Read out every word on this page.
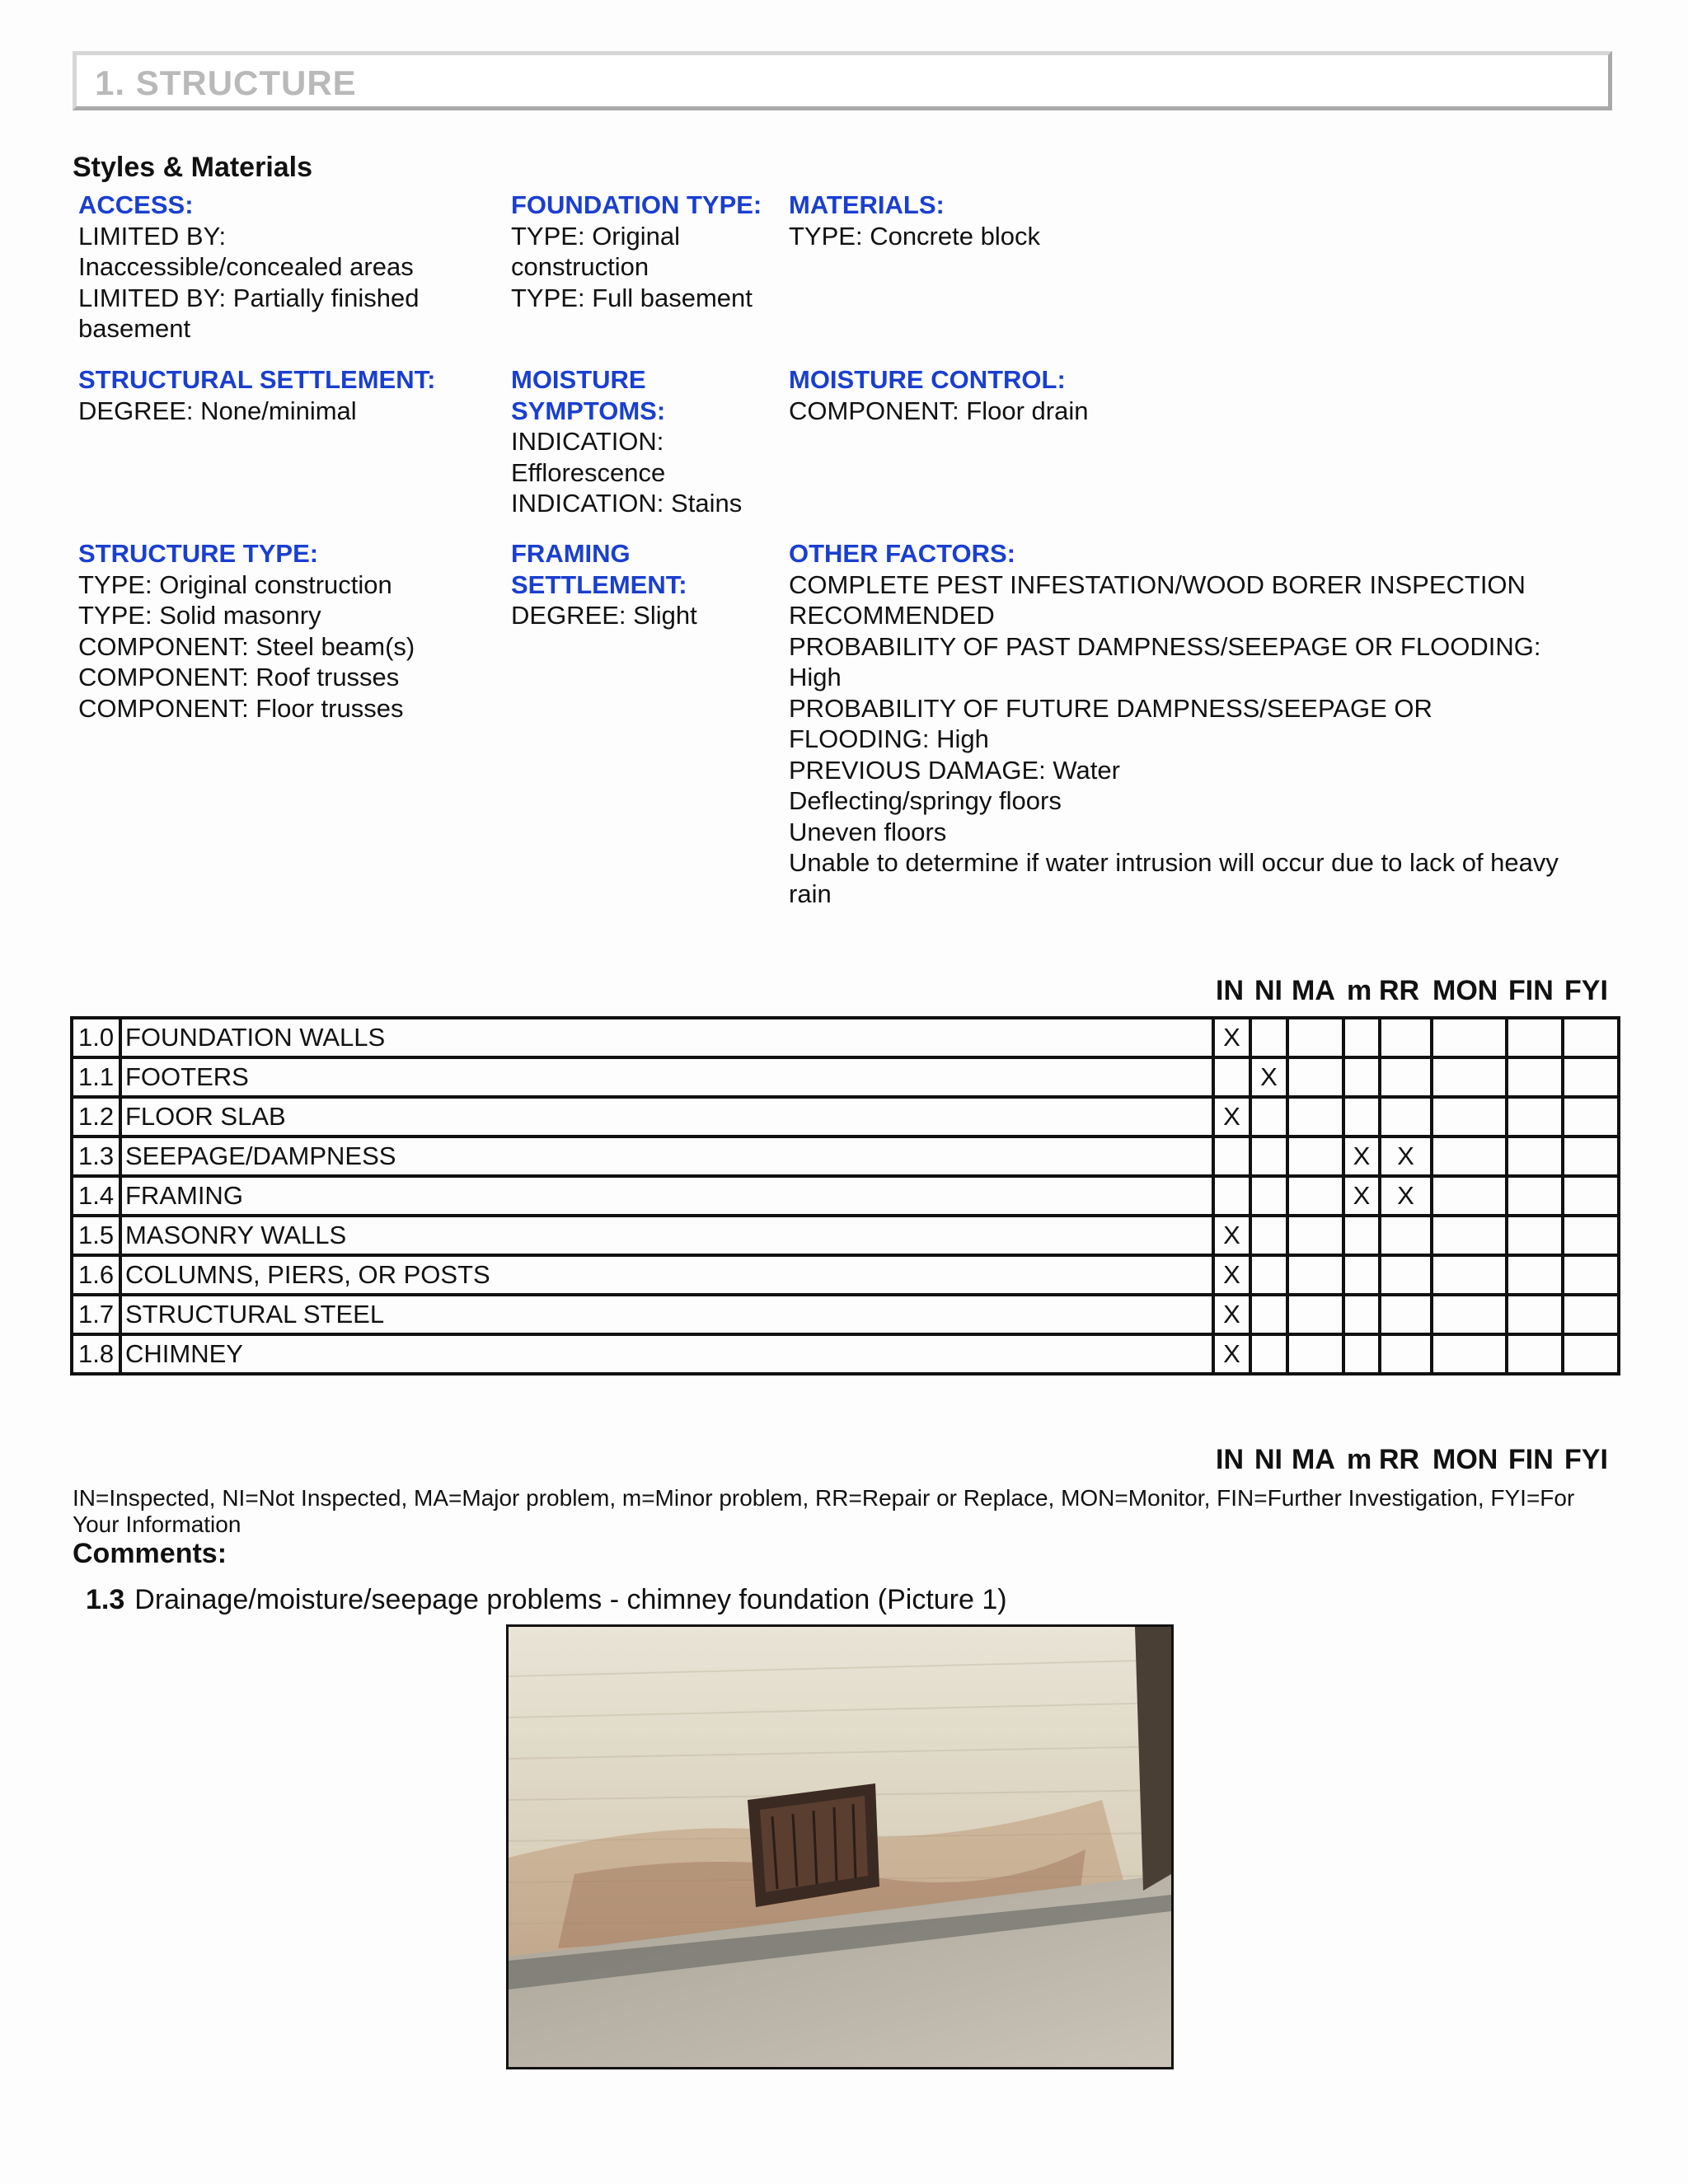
1. STRUCTURE
Styles & Materials
ACCESS:
LIMITED BY:
Inaccessible/concealed areas
LIMITED BY: Partially finished
basement
FOUNDATION TYPE:
TYPE: Original
construction
TYPE: Full basement
MATERIALS:
TYPE: Concrete block
STRUCTURAL SETTLEMENT:
DEGREE: None/minimal
MOISTURE
SYMPTOMS:
INDICATION:
Efflorescence
INDICATION: Stains
MOISTURE CONTROL:
COMPONENT: Floor drain
STRUCTURE TYPE:
TYPE: Original construction
TYPE: Solid masonry
COMPONENT: Steel beam(s)
COMPONENT: Roof trusses
COMPONENT: Floor trusses
FRAMING
SETTLEMENT:
DEGREE: Slight
OTHER FACTORS:
COMPLETE PEST INFESTATION/WOOD BORER INSPECTION
RECOMMENDED
PROBABILITY OF PAST DAMPNESS/SEEPAGE OR FLOODING:
High
PROBABILITY OF FUTURE DAMPNESS/SEEPAGE OR
FLOODING: High
PREVIOUS DAMAGE: Water
Deflecting/springy floors
Uneven floors
Unable to determine if water intrusion will occur due to lack of heavy
rain
IN NI MA m RR MON FIN FYI
1.0	FOUNDATION WALLS	X							
1.1	FOOTERS		X						
1.2	FLOOR SLAB	X							
1.3	SEEPAGE/DAMPNESS				X	X			
1.4	FRAMING				X	X			
1.5	MASONRY WALLS	X							
1.6	COLUMNS, PIERS, OR POSTS	X							
1.7	STRUCTURAL STEEL	X							
1.8	CHIMNEY	X							
IN NI MA m RR MON FIN FYI
IN=Inspected, NI=Not Inspected, MA=Major problem, m=Minor problem, RR=Repair or Replace, MON=Monitor, FIN=Further Investigation, FYI=For Your Information
Comments:
1.3 Drainage/moisture/seepage problems - chimney foundation (Picture 1)
